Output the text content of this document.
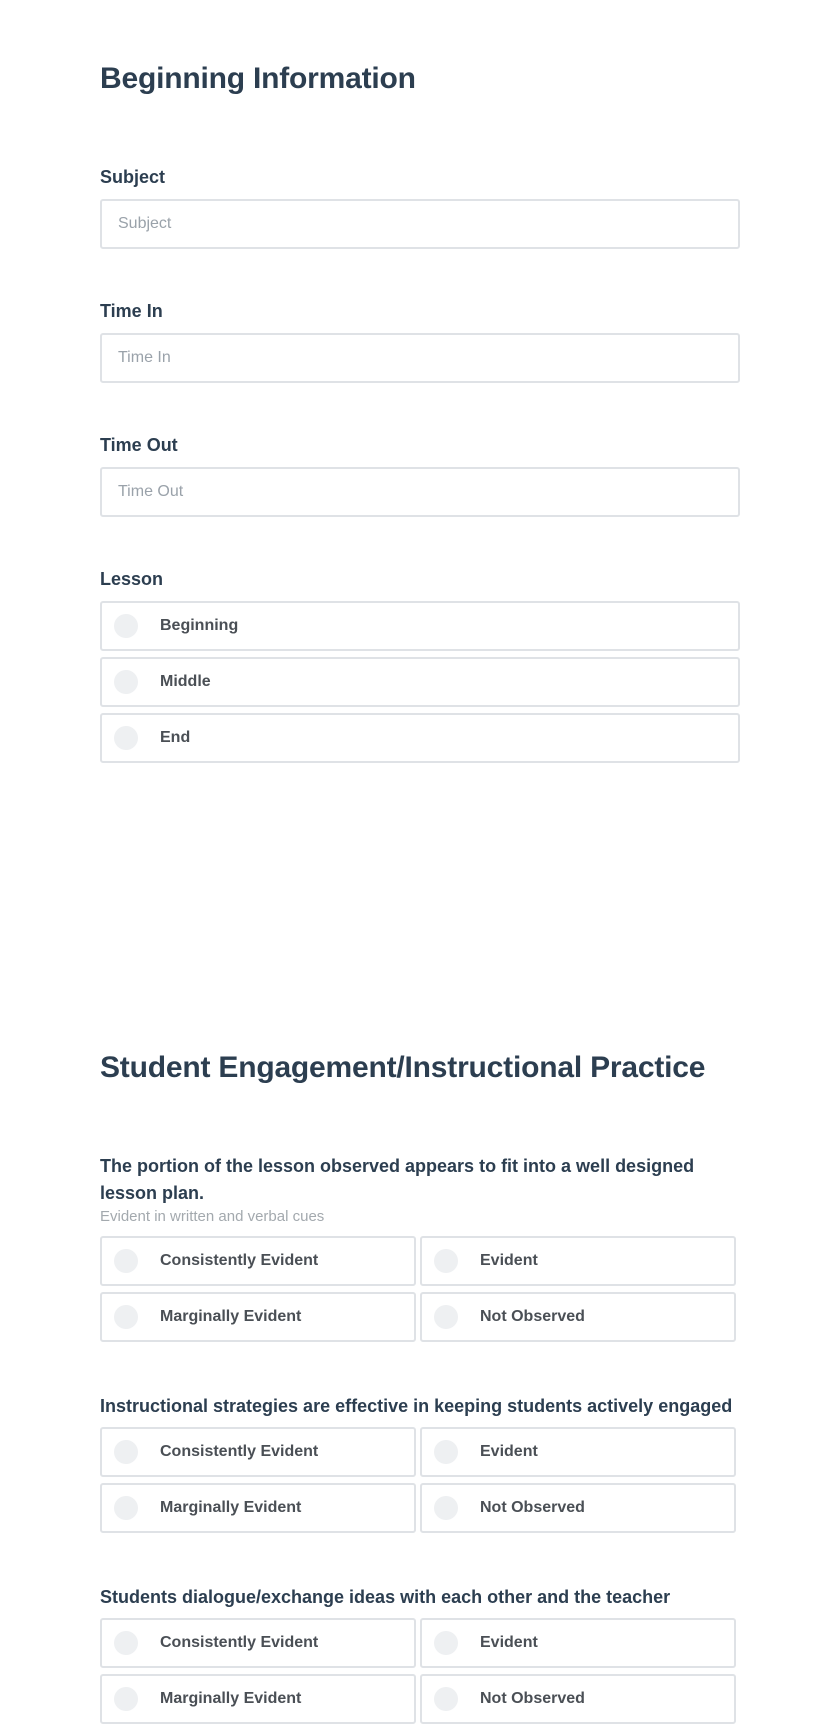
Beginning Information
Subject
Subject
Time In
Time In
Time Out
Time Out
Lesson
Beginning
Middle
End
Student Engagement/Instructional Practice
The portion of the lesson observed appears to fit into a well designed lesson plan.
Evident in written and verbal cues
Consistently Evident	Evident
Marginally Evident	Not Observed
Instructional strategies are effective in keeping students actively engaged
Consistently Evident	Evident
Marginally Evident	Not Observed
Students dialogue/exchange ideas with each other and the teacher
Consistently Evident	Evident
Marginally Evident	Not Observed
